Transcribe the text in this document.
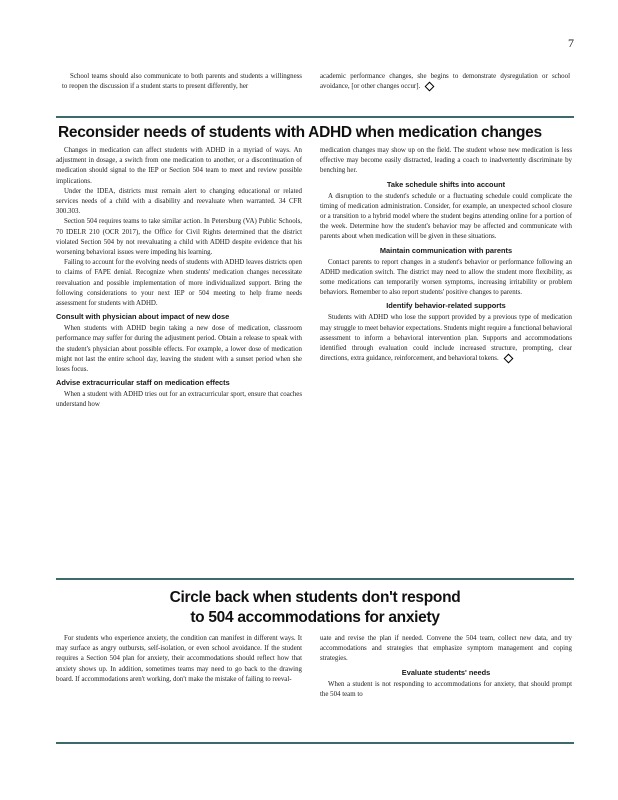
7

School teams should also communicate to both parents and students a willingness to reopen the discussion if a student starts to present differently, her

academic performance changes, she begins to demonstrate dysregulation or school avoidance, [or other changes occur].

Reconsider needs of students with ADHD when medication changes

Changes in medication can affect students with ADHD in a myriad of ways. An adjustment in dosage, a switch from one medication to another, or a discontinuation of medication should signal to the IEP or Section 504 team to meet and review possible implications.

Under the IDEA, districts must remain alert to changing educational or related services needs of a child with a disability and reevaluate when warranted. 34 CFR 300.303.

Section 504 requires teams to take similar action. In Petersburg (VA) Public Schools, 70 IDELR 210 (OCR 2017), the Office for Civil Rights determined that the district violated Section 504 by not reevaluating a child with ADHD despite evidence that his worsening behavioral issues were impeding his learning.

Failing to account for the evolving needs of students with ADHD leaves districts open to claims of FAPE denial. Recognize when students' medication changes necessitate reevaluation and possible implementation of more individualized support. Bring the following considerations to your next IEP or 504 meeting to help frame needs assessment for students with ADHD.

Consult with physician about impact of new dose

When students with ADHD begin taking a new dose of medication, classroom performance may suffer for during the adjustment period. Obtain a release to speak with the student's physician about possible effects. For example, a lower dose of medication might not last the entire school day, leaving the student with a sunset period when she loses focus.

Advise extracurricular staff on medication effects

When a student with ADHD tries out for an extracurricular sport, ensure that coaches understand how

medication changes may show up on the field. The student whose new medication is less effective may become easily distracted, leading a coach to inadvertently discriminate by benching her.

Take schedule shifts into account

A disruption to the student's schedule or a fluctuating schedule could complicate the timing of medication administration. Consider, for example, an unexpected school closure or a transition to a hybrid model where the student begins attending online for a portion of the week. Determine how the student's behavior may be affected and communicate with parents about when medication will be given in these situations.

Maintain communication with parents

Contact parents to report changes in a student's behavior or performance following an ADHD medication switch. The district may need to allow the student more flexibility, as some medications can temporarily worsen symptoms, increasing irritability or problem behaviors. Remember to also report students' positive changes to parents.

Identify behavior-related supports

Students with ADHD who lose the support provided by a previous type of medication may struggle to meet behavior expectations. Students might require a functional behavioral assessment to inform a behavioral intervention plan. Supports and accommodations identified through evaluation could include increased structure, prompting, clear directions, extra guidance, reinforcement, and behavioral tokens.

Circle back when students don't respond
to 504 accommodations for anxiety

For students who experience anxiety, the condition can manifest in different ways. It may surface as angry outbursts, self-isolation, or even school avoidance. If the student requires a Section 504 plan for anxiety, their accommodations should reflect how that anxiety shows up. In addition, sometimes teams may need to go back to the drawing board. If accommodations aren't working, don't make the mistake of failing to reeval-

uate and revise the plan if needed. Convene the 504 team, collect new data, and try accommodations and strategies that emphasize symptom management and coping strategies.

Evaluate students' needs

When a student is not responding to accommodations for anxiety, that should prompt the 504 team to
